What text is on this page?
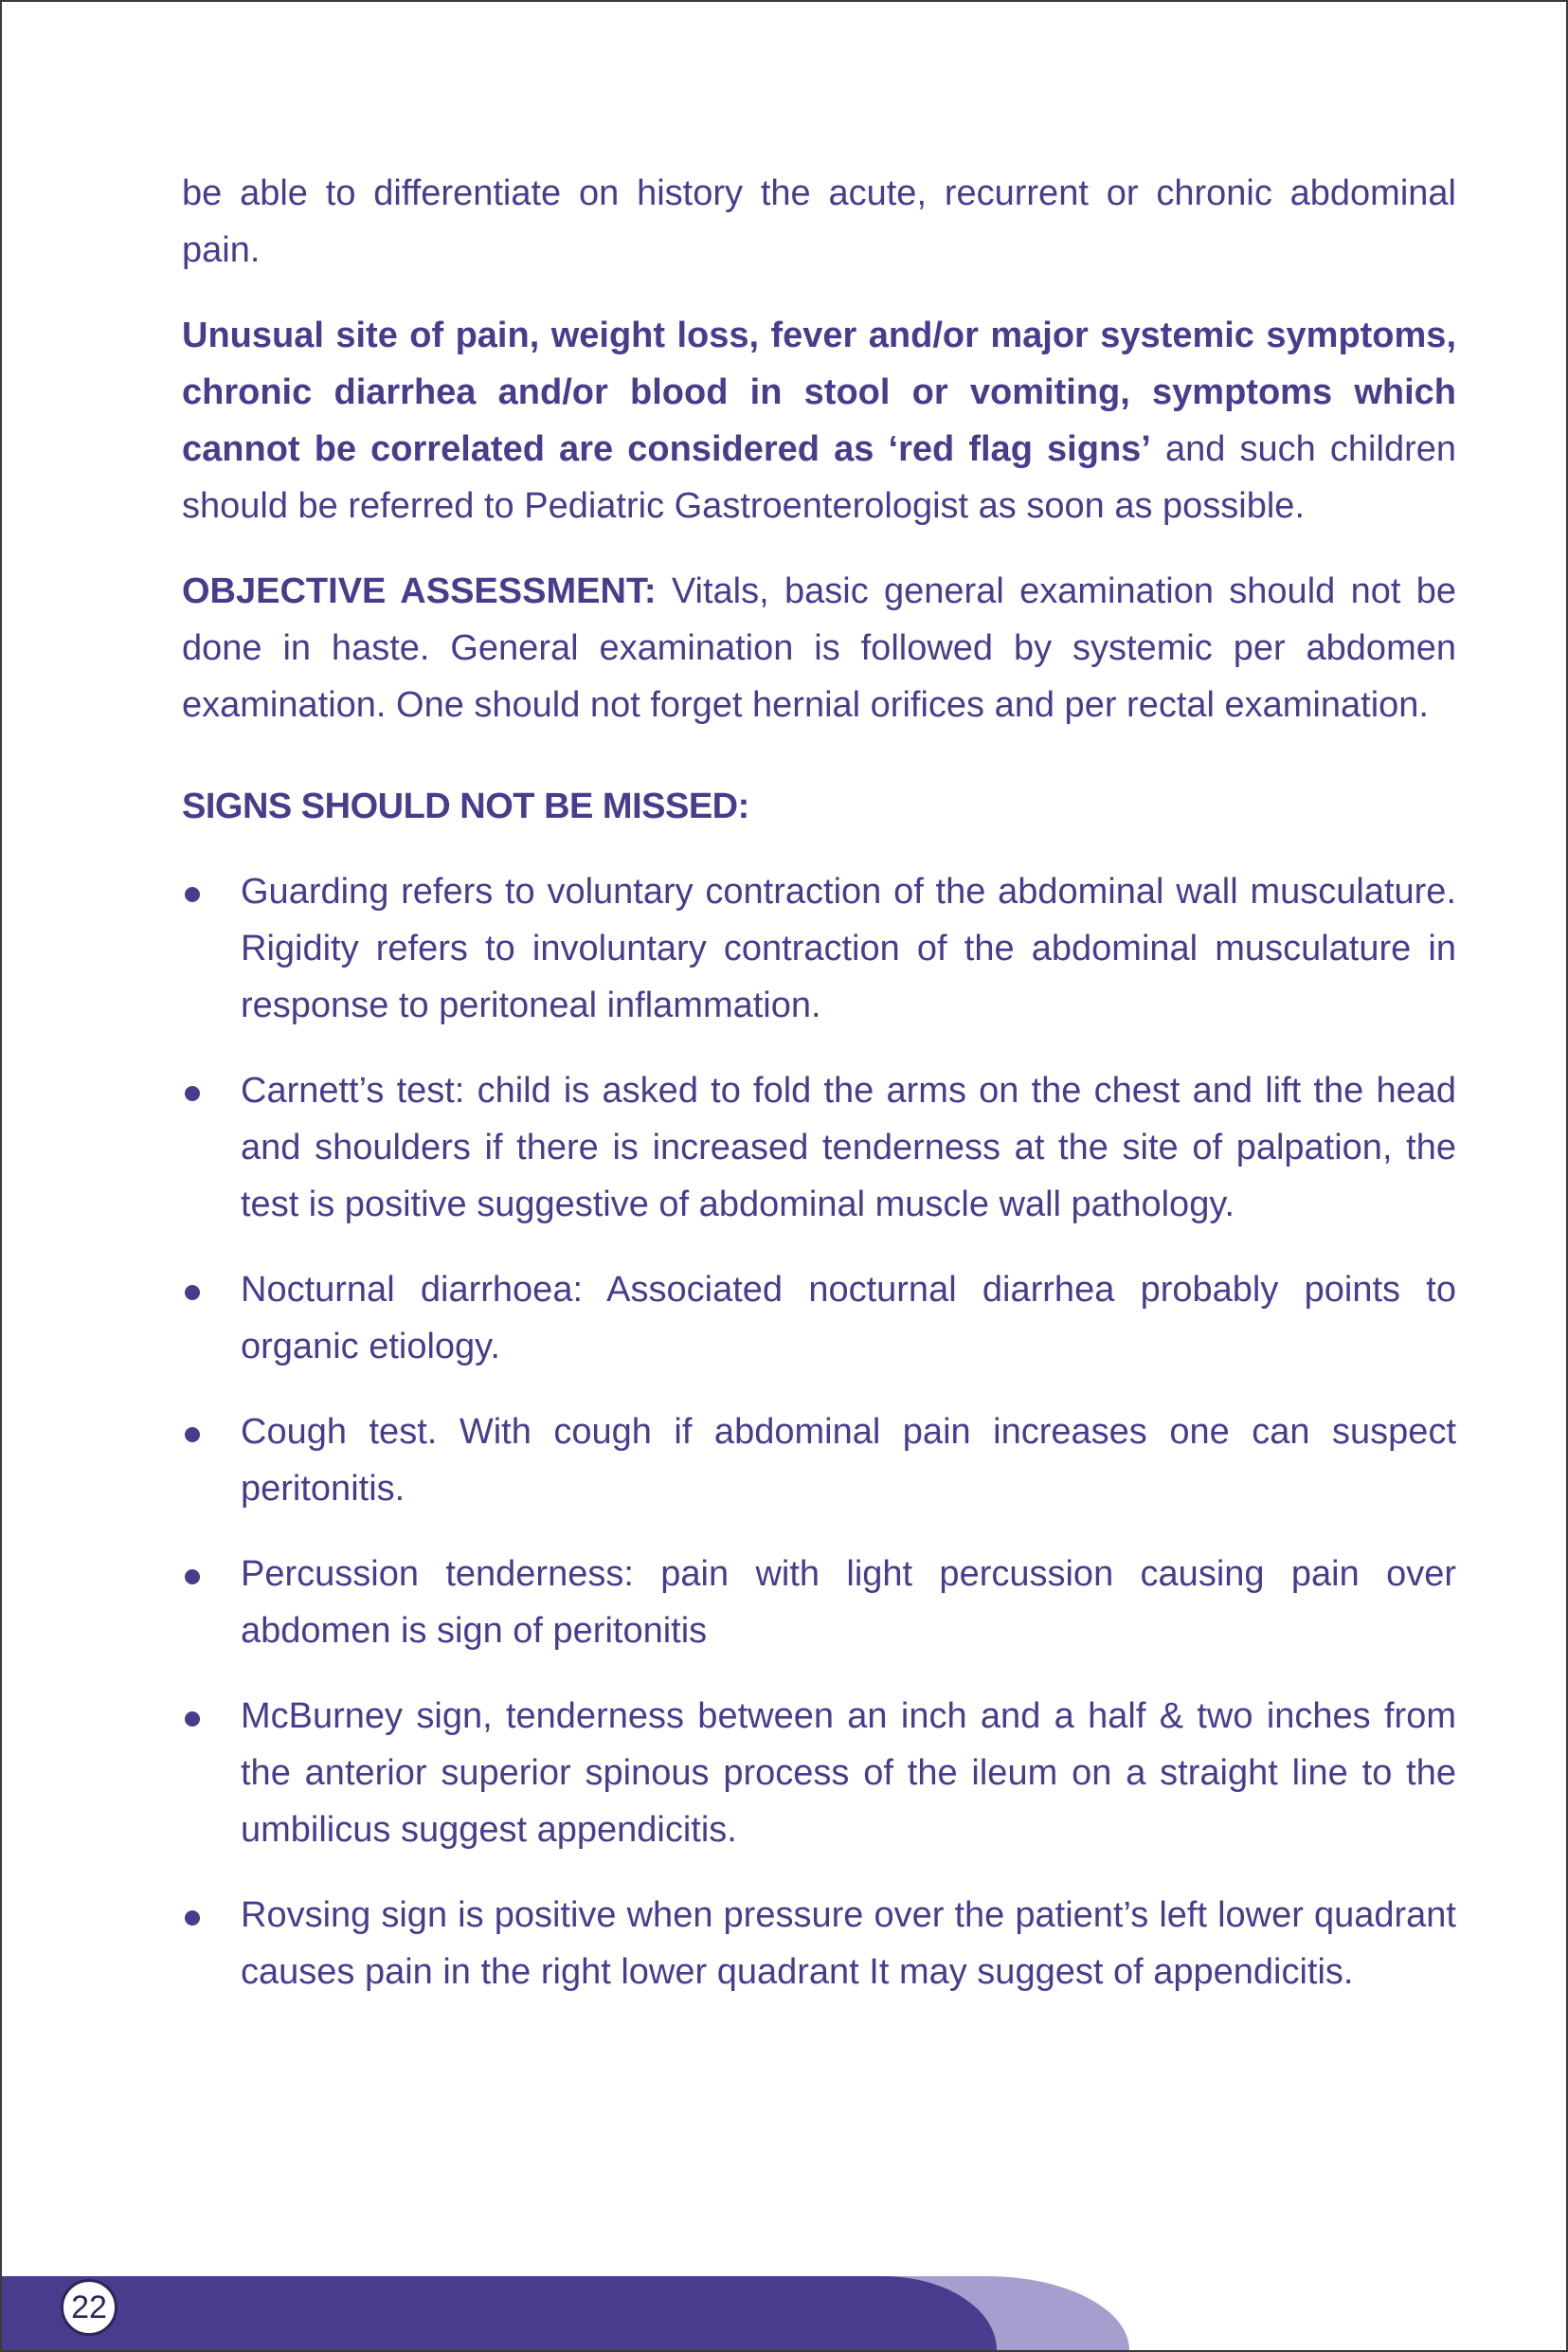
be able to differentiate on history the acute, recurrent or chronic abdominal pain.

Unusual site of pain, weight loss, fever and/or major systemic symptoms, chronic diarrhea and/or blood in stool or vomiting, symptoms which cannot be correlated are considered as ‘red flag signs’ and such children should be referred to Pediatric Gastroenterologist as soon as possible.

OBJECTIVE ASSESSMENT: Vitals, basic general examination should not be done in haste. General examination is followed by systemic per abdomen examination. One should not forget hernial orifices and per rectal examination.

SIGNS SHOULD NOT BE MISSED:
Guarding refers to voluntary contraction of the abdominal wall musculature. Rigidity refers to involuntary contraction of the abdominal musculature in response to peritoneal inflammation.
Carnett’s test: child is asked to fold the arms on the chest and lift the head and shoulders if there is increased tenderness at the site of palpation, the test is positive suggestive of abdominal muscle wall pathology.
Nocturnal diarrhoea: Associated nocturnal diarrhea probably points to organic etiology.
Cough test. With cough if abdominal pain increases one can suspect peritonitis.
Percussion tenderness: pain with light percussion causing pain over abdomen is sign of peritonitis
McBurney sign, tenderness between an inch and a half & two inches from the anterior superior spinous process of the ileum on a straight line to the umbilicus suggest appendicitis.
Rovsing sign is positive when pressure over the patient’s left lower quadrant causes pain in the right lower quadrant It may suggest of appendicitis.
22
